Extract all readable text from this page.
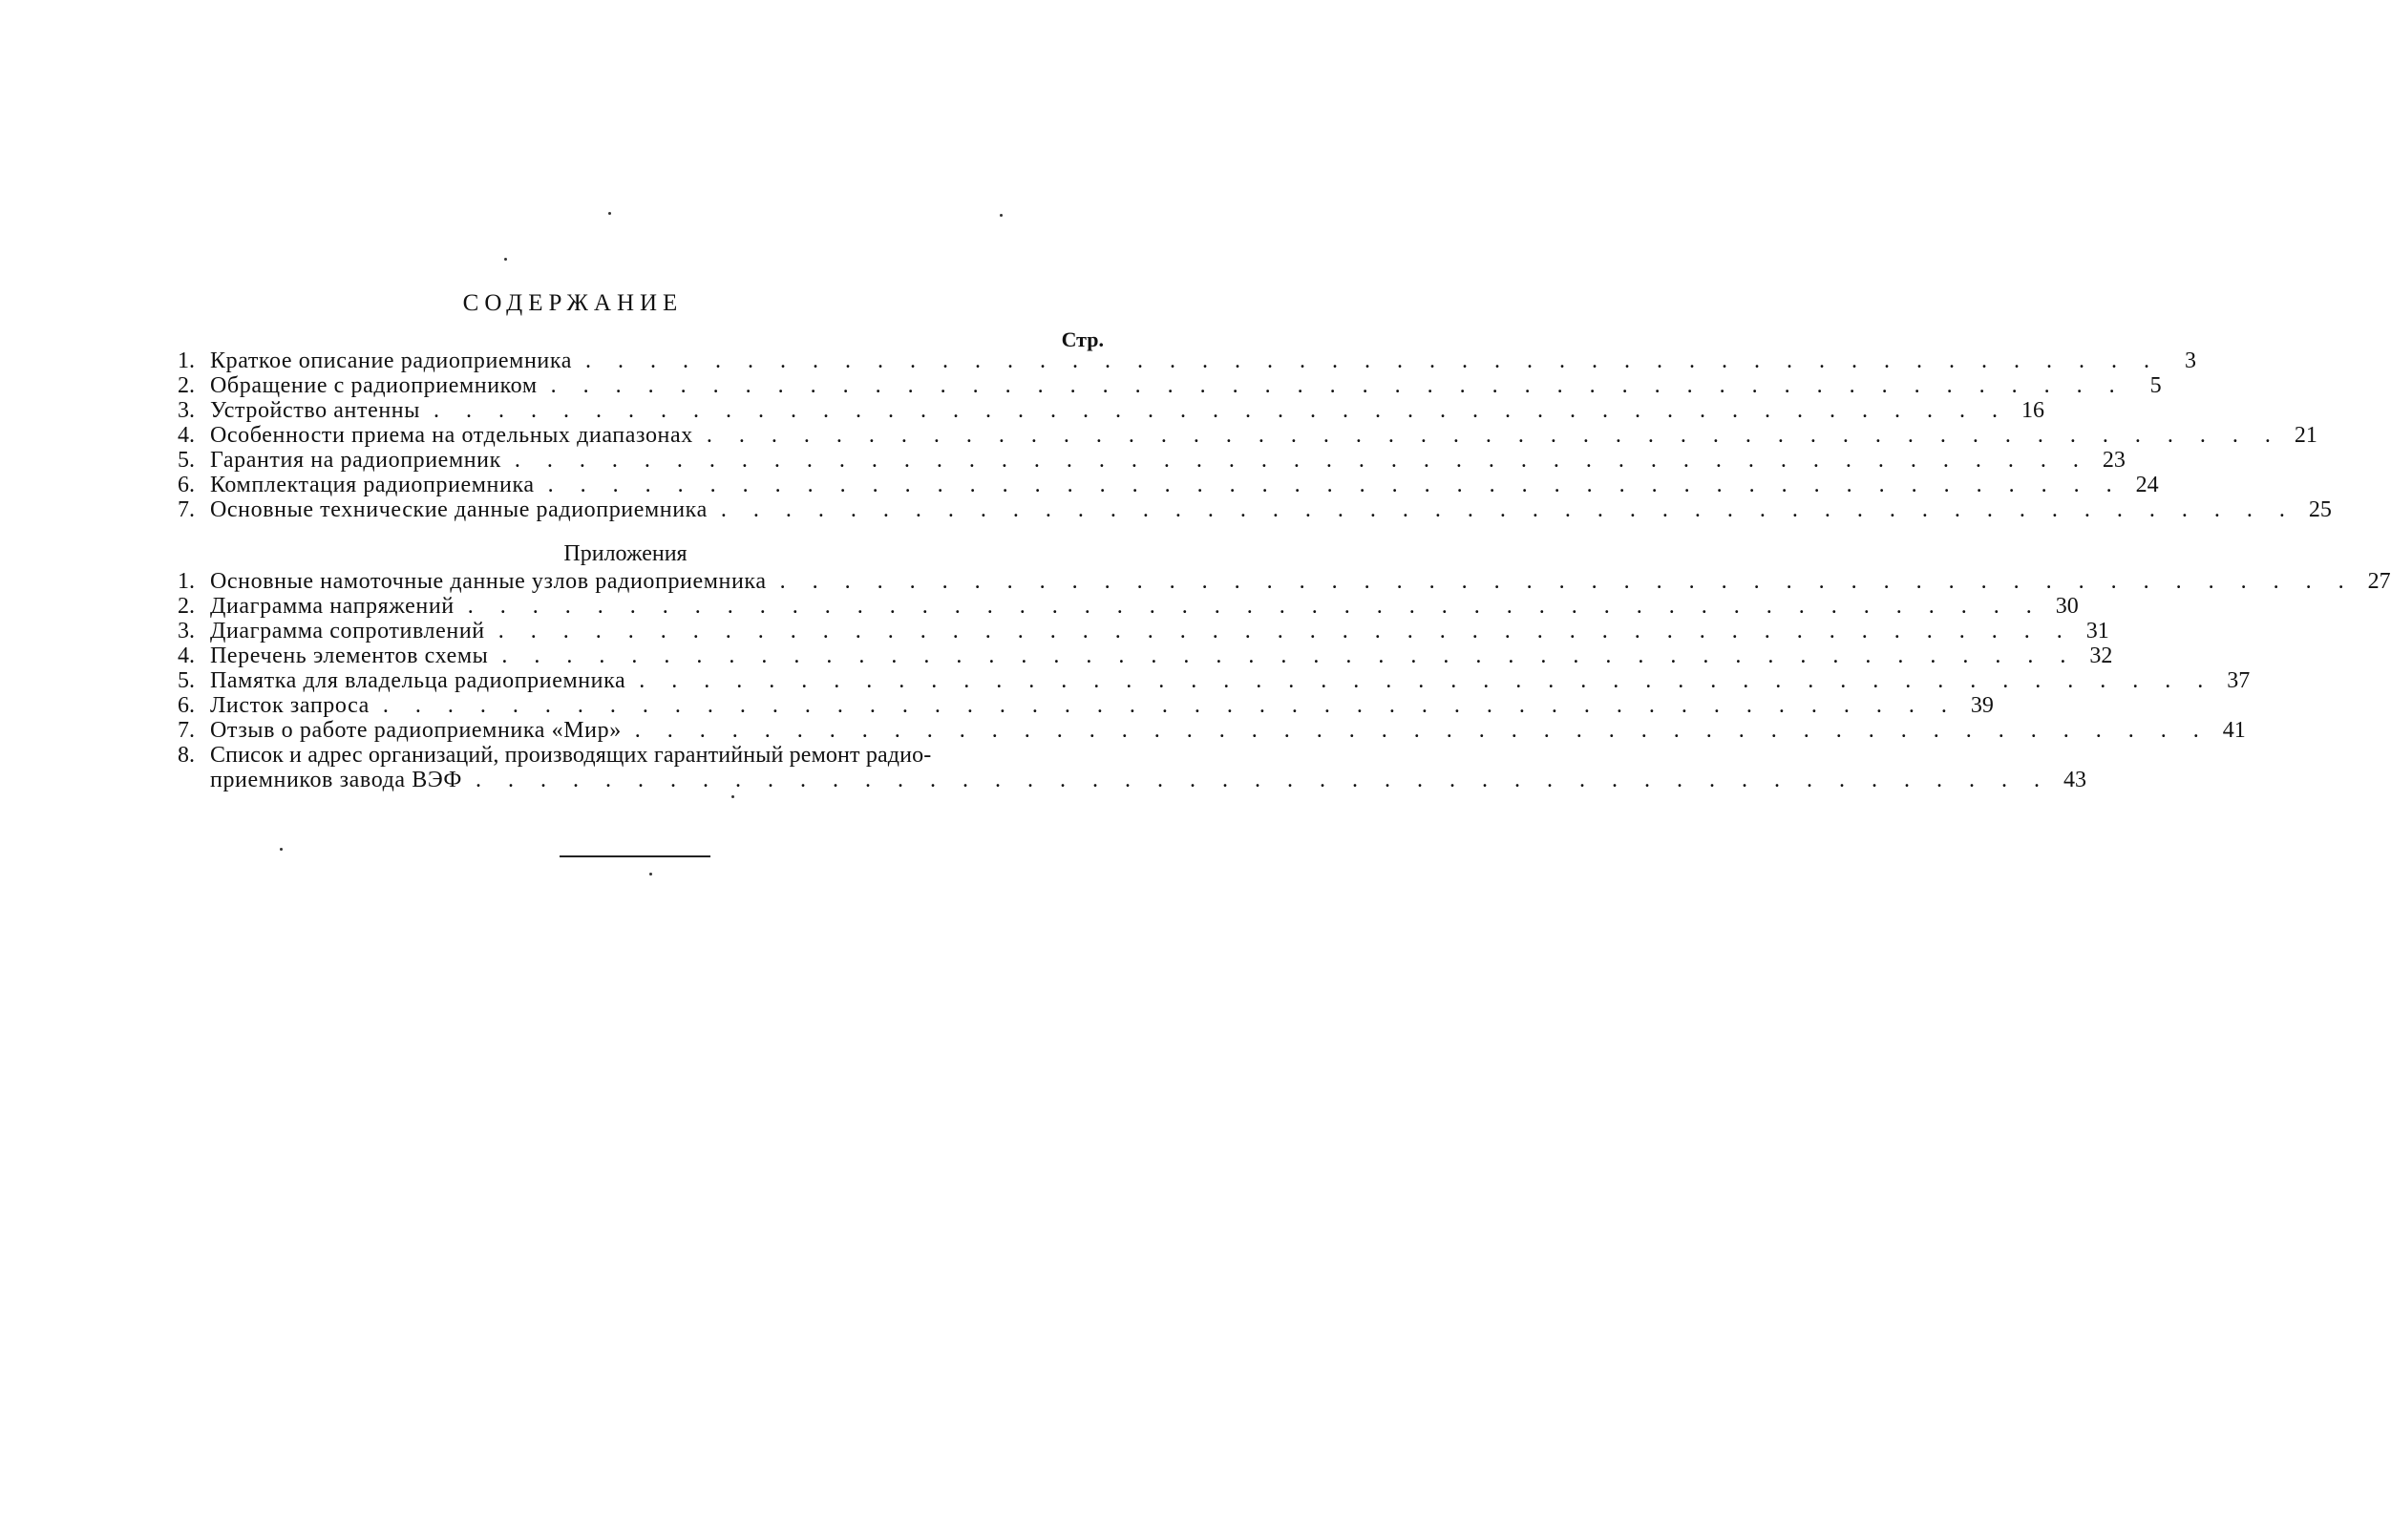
СОДЕРЖАНИЕ
Стр.
1. Краткое описание радиоприемника . . . . . . . . . . . . . . . . . . . . . . . . . . . . . . . . . . . . . . . . . . . . . . . . .	3
2. Обращение с радиоприемником . . . . . . . . . . . . . . . . . . . . . . . . . . . . . . . . . . . . . . . . . . . . . . . . .	5
3. Устройство антенны . . . . . . . . . . . . . . . . . . . . . . . . . . . . . . . . . . . . . . . . . . . . . . . . . 16
4. Особенности приема на отдельных диапазонах . . . . . . . . . . . . . . . . . . . . . . . . . . . . . . . . . . . . . . . . . . . . . . . . . 21
5. Гарантия на радиоприемник . . . . . . . . . . . . . . . . . . . . . . . . . . . . . . . . . . . . . . . . . . . . . . . . . 23
6. Комплектация радиоприемника . . . . . . . . . . . . . . . . . . . . . . . . . . . . . . . . . . . . . . . . . . . . . . . . . 24
7. Основные технические данные радиоприемника . . . . . . . . . . . . . . . . . . . . . . . . . . . . . . . . . . . . . . . . . . . . . . . . . 25
Приложения
1. Основные намоточные данные узлов радиоприемника . . . . . . . . . . . . . . . . . . . . . . . . . . . . . . . . . . . . . . . . . . . . . . . . . 27
2. Диаграмма напряжений . . . . . . . . . . . . . . . . . . . . . . . . . . . . . . . . . . . . . . . . . . . . . . . . . 30
3. Диаграмма сопротивлений . . . . . . . . . . . . . . . . . . . . . . . . . . . . . . . . . . . . . . . . . . . . . . . . . 31
4. Перечень элементов схемы . . . . . . . . . . . . . . . . . . . . . . . . . . . . . . . . . . . . . . . . . . . . . . . . . 32
5. Памятка для владельца радиоприемника . . . . . . . . . . . . . . . . . . . . . . . . . . . . . . . . . . . . . . . . . . . . . . . . . 37
6. Листок запроса . . . . . . . . . . . . . . . . . . . . . . . . . . . . . . . . . . . . . . . . . . . . . . . . . 39
7. Отзыв о работе радиоприемника «Мир» . . . . . . . . . . . . . . . . . . . . . . . . . . . . . . . . . . . . . . . . . . . . . . . . . 41
8. Список и адрес организаций, производящих гарантийный ремонт радио-
приемников завода ВЭФ . . . . . . . . . . . . . . . . . . . . . . . . . . . . . . . . . . . . . . . . . . . . . . . . . 43
